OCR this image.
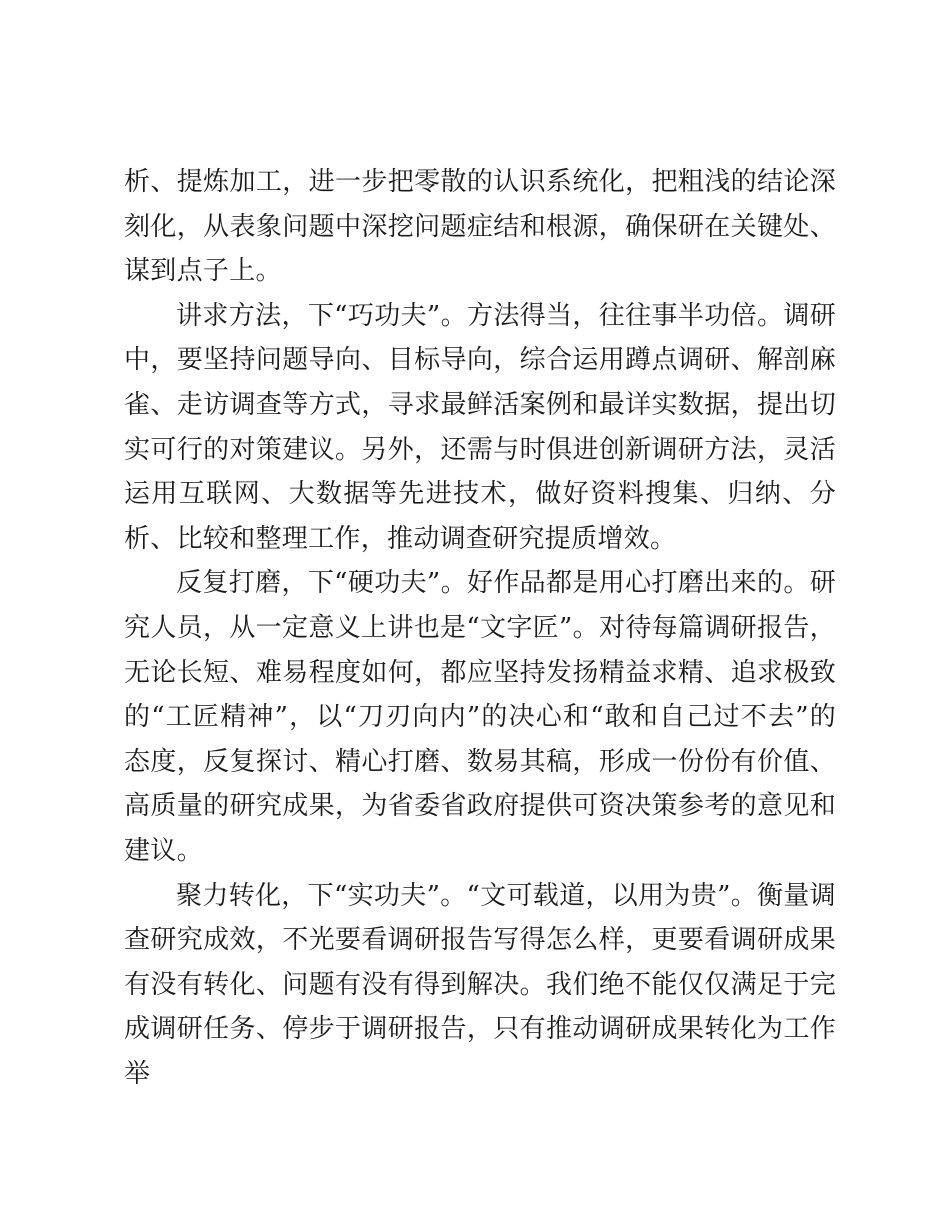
析、提炼加工，进一步把零散的认识系统化，把粗浅的结论深刻化，从表象问题中深挖问题症结和根源，确保研在关键处、谋到点子上。

讲求方法，下“巧功夫”。方法得当，往往事半功倍。调研中，要坚持问题导向、目标导向，综合运用蹲点调研、解剖麻雀、走访调查等方式，寻求最鲜活案例和最详实数据，提出切实可行的对策建议。另外，还需与时俱进创新调研方法，灵活运用互联网、大数据等先进技术，做好资料搜集、归纳、分析、比较和整理工作，推动调查研究提质增效。

反复打磨，下“硬功夫”。好作品都是用心打磨出来的。研究人员，从一定意义上讲也是“文字匠”。对待每篇调研报告，无论长短、难易程度如何，都应坚持发扬精益求精、追求极致的“工匠精神”，以“刀刃向内”的决心和“敢和自己过不去”的态度，反复探讨、精心打磨、数易其稿，形成一份份有价值、高质量的研究成果，为省委省政府提供可资决策参考的意见和建议。

聚力转化，下“实功夫”。“文可载道，以用为贵”。衡量调查研究成效，不光要看调研报告写得怎么样，更要看调研成果有没有转化、问题有没有得到解决。我们绝不能仅仅满足于完成调研任务、停步于调研报告，只有推动调研成果转化为工作举
